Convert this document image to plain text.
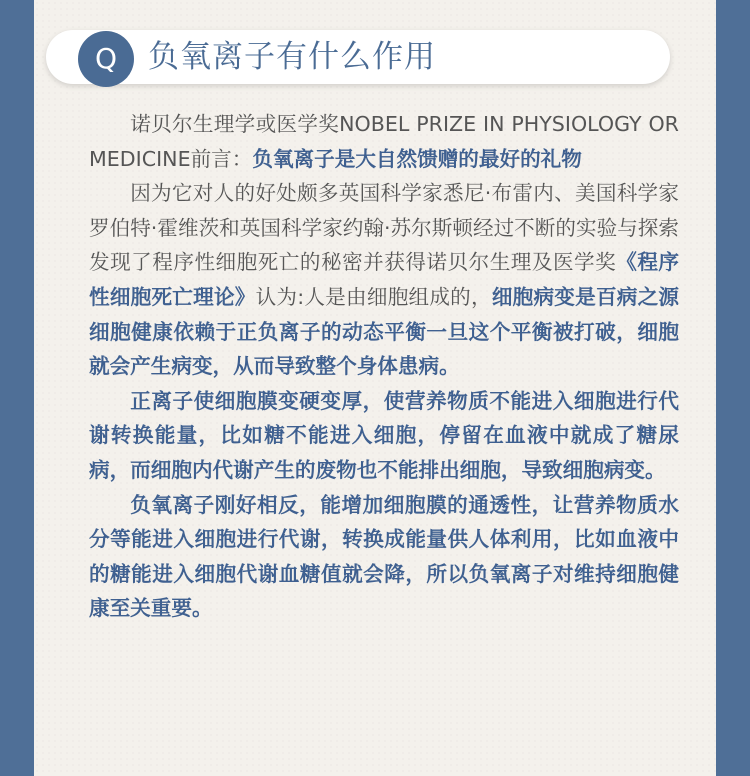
Q 负氧离子有什么作用

诺贝尔生理学或医学奖NOBEL PRIZE IN PHYSIOLOGY OR MEDICINE前言：负氧离子是大自然馈赠的最好的礼物

因为它对人的好处颇多英国科学家悉尼·布雷内、美国科学家罗伯特·霍维茨和英国科学家约翰·苏尔斯顿经过不断的实验与探索发现了程序性细胞死亡的秘密并获得诺贝尔生理及医学奖《程序性细胞死亡理论》认为:人是由细胞组成的，细胞病变是百病之源细胞健康依赖于正负离子的动态平衡一旦这个平衡被打破，细胞就会产生病变，从而导致整个身体患病。

正离子使细胞膜变硬变厚，使营养物质不能进入细胞进行代谢转换能量，比如糖不能进入细胞，停留在血液中就成了糖尿病，而细胞内代谢产生的废物也不能排出细胞，导致细胞病变。

负氧离子刚好相反，能增加细胞膜的通透性，让营养物质水分等能进入细胞进行代谢，转换成能量供人体利用，比如血液中的糖能进入细胞代谢血糖值就会降，所以负氧离子对维持细胞健康至关重要。
